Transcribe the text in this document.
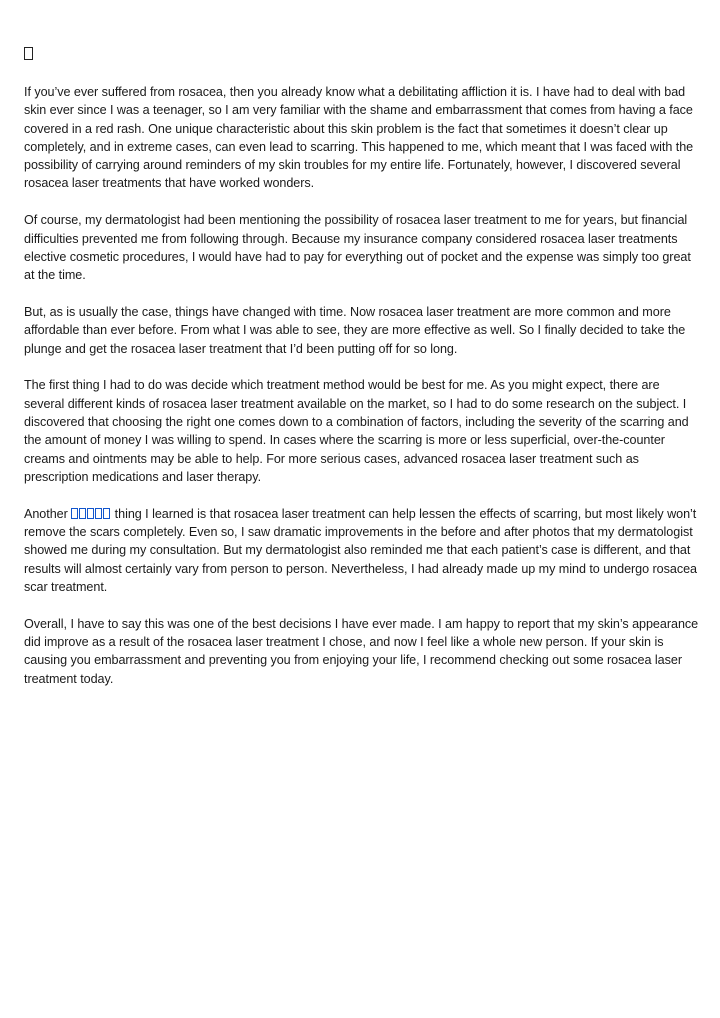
If you’ve ever suffered from rosacea, then you already know what a debilitating affliction it is. I have had to deal with bad skin ever since I was a teenager, so I am very familiar with the shame and embarrassment that comes from having a face covered in a red rash. One unique characteristic about this skin problem is the fact that sometimes it doesn’t clear up completely, and in extreme cases, can even lead to scarring. This happened to me, which meant that I was faced with the possibility of carrying around reminders of my skin troubles for my entire life. Fortunately, however, I discovered several rosacea laser treatments that have worked wonders.

Of course, my dermatologist had been mentioning the possibility of rosacea laser treatment to me for years, but financial difficulties prevented me from following through. Because my insurance company considered rosacea laser treatments elective cosmetic procedures, I would have had to pay for everything out of pocket and the expense was simply too great at the time.

But, as is usually the case, things have changed with time. Now rosacea laser treatment are more common and more affordable than ever before. From what I was able to see, they are more effective as well. So I finally decided to take the plunge and get the rosacea laser treatment that I’d been putting off for so long.

The first thing I had to do was decide which treatment method would be best for me. As you might expect, there are several different kinds of rosacea laser treatment available on the market, so I had to do some research on the subject. I discovered that choosing the right one comes down to a combination of factors, including the severity of the scarring and the amount of money I was willing to spend. In cases where the scarring is more or less superficial, over-the-counter creams and ointments may be able to help. For more serious cases, advanced rosacea laser treatment such as prescription medications and laser therapy.

Another	thing I learned is that rosacea laser treatment can help lessen the effects of scarring, but most likely won’t remove the scars completely. Even so, I saw dramatic improvements in the before and after photos that my dermatologist showed me during my consultation. But my dermatologist also reminded me that each patient’s case is different, and that results will almost certainly vary from person to person. Nevertheless, I had already made up my mind to undergo rosacea scar treatment.

Overall, I have to say this was one of the best decisions I have ever made. I am happy to report that my skin’s appearance did improve as a result of the rosacea laser treatment I chose, and now I feel like a whole new person. If your skin is causing you embarrassment and preventing you from enjoying your life, I recommend checking out some rosacea laser treatment today.
